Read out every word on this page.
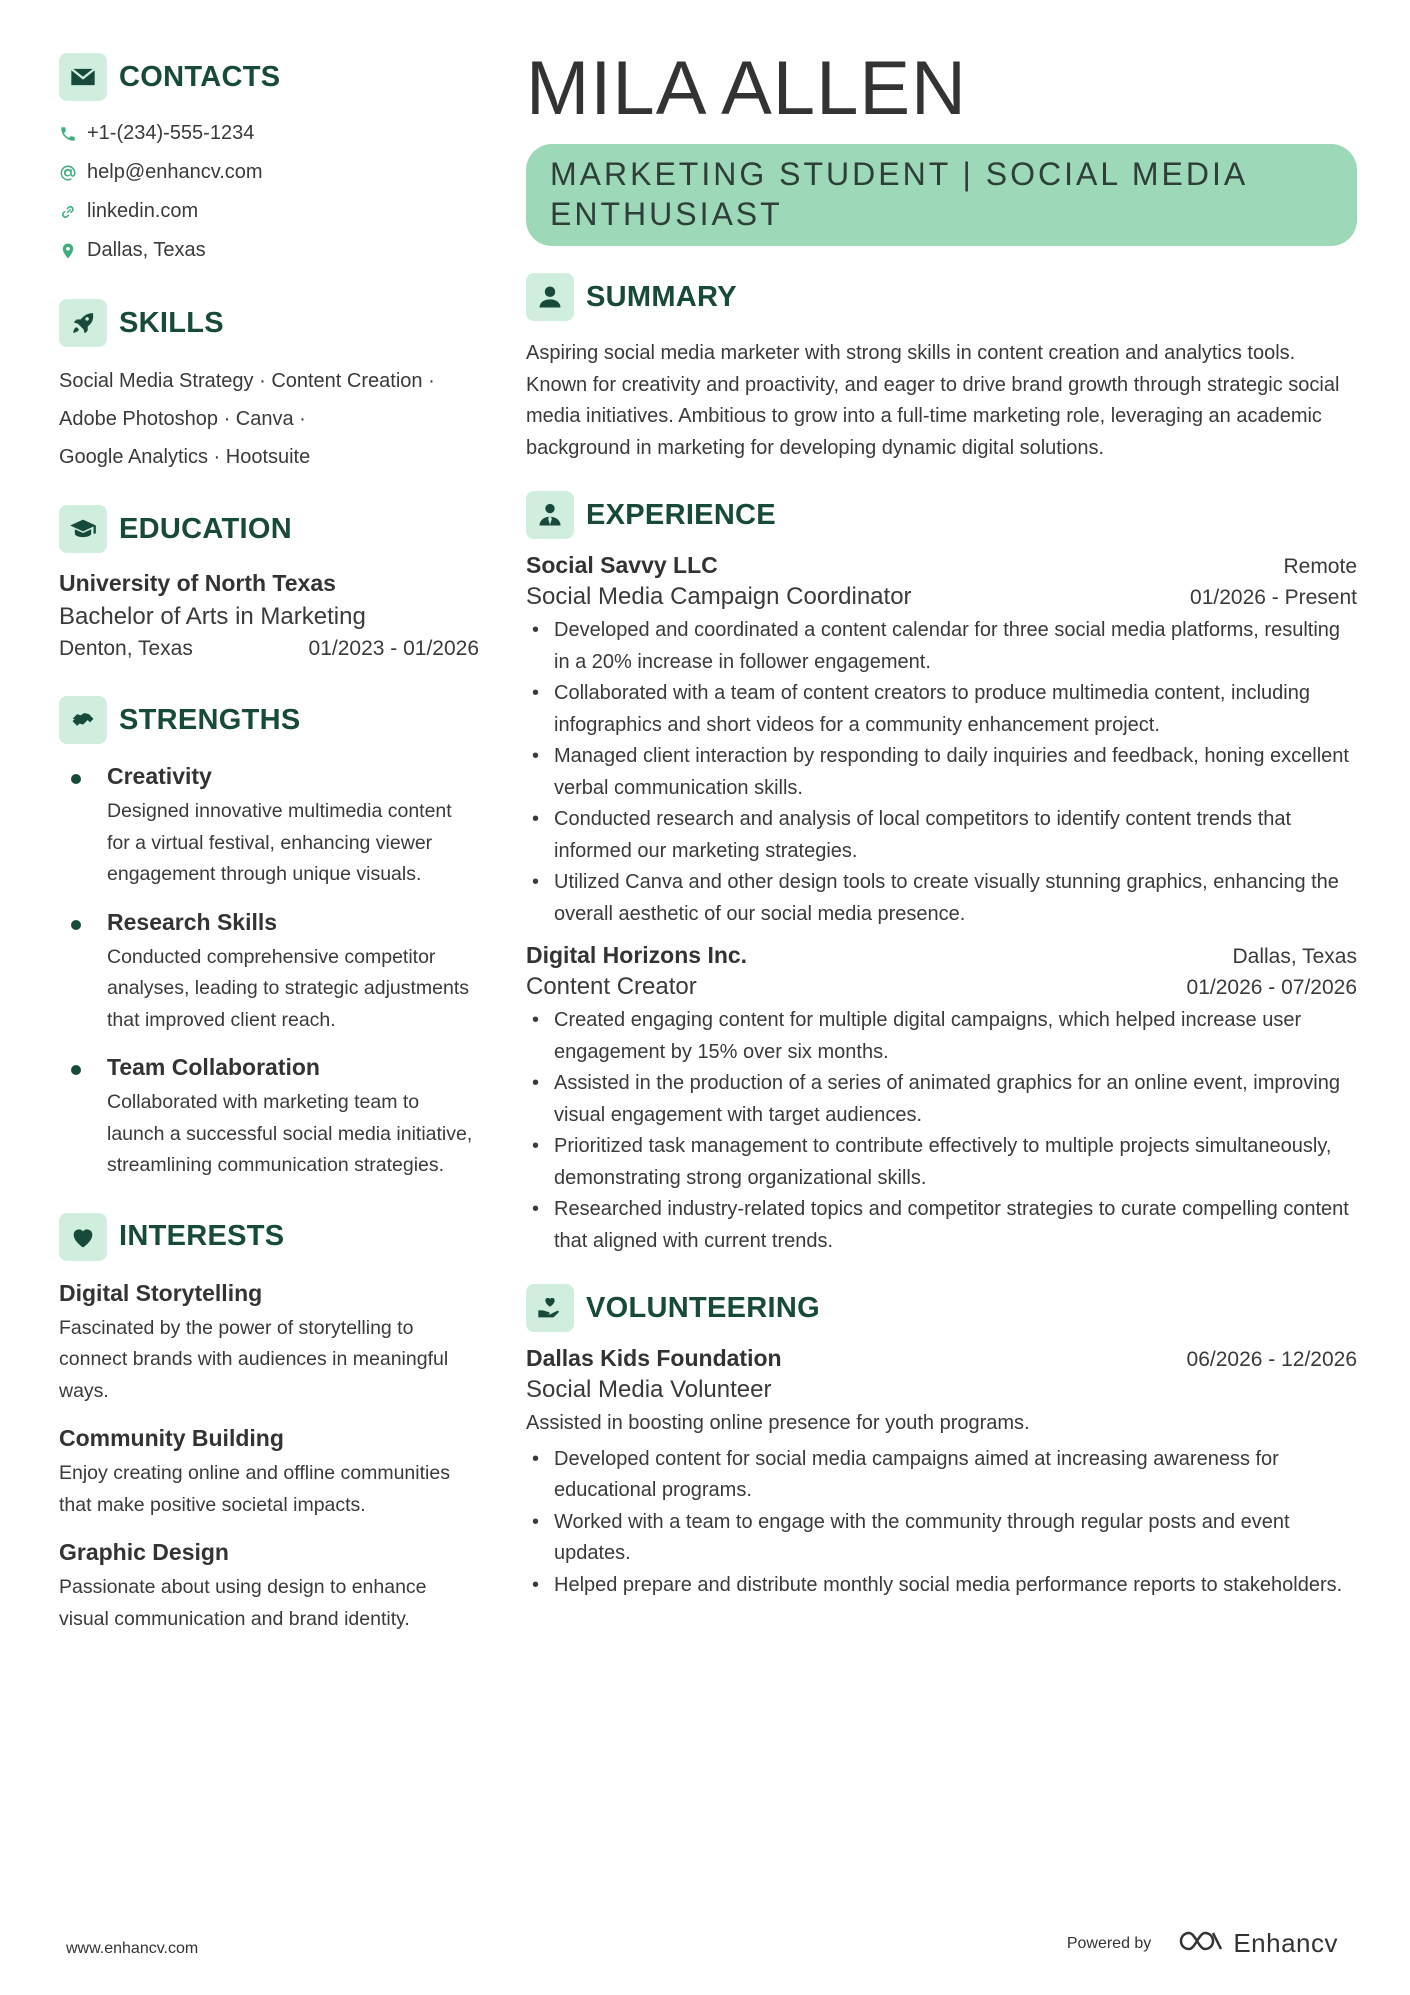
CONTACTS
+1-(234)-555-1234
help@enhancv.com
linkedin.com
Dallas, Texas
SKILLS
Social Media Strategy · Content Creation ·
Adobe Photoshop · Canva ·
Google Analytics · Hootsuite
EDUCATION
University of North Texas
Bachelor of Arts in Marketing
Denton, Texas	01/2023 - 01/2026
STRENGTHS
Creativity
Designed innovative multimedia content for a virtual festival, enhancing viewer engagement through unique visuals.
Research Skills
Conducted comprehensive competitor analyses, leading to strategic adjustments that improved client reach.
Team Collaboration
Collaborated with marketing team to launch a successful social media initiative, streamlining communication strategies.
INTERESTS
Digital Storytelling
Fascinated by the power of storytelling to connect brands with audiences in meaningful ways.
Community Building
Enjoy creating online and offline communities that make positive societal impacts.
Graphic Design
Passionate about using design to enhance visual communication and brand identity.
MILA ALLEN
MARKETING STUDENT | SOCIAL MEDIA ENTHUSIAST
SUMMARY
Aspiring social media marketer with strong skills in content creation and analytics tools. Known for creativity and proactivity, and eager to drive brand growth through strategic social media initiatives. Ambitious to grow into a full-time marketing role, leveraging an academic background in marketing for developing dynamic digital solutions.
EXPERIENCE
Social Savvy LLC	Remote
Social Media Campaign Coordinator	01/2026 - Present
• Developed and coordinated a content calendar for three social media platforms, resulting in a 20% increase in follower engagement.
• Collaborated with a team of content creators to produce multimedia content, including infographics and short videos for a community enhancement project.
• Managed client interaction by responding to daily inquiries and feedback, honing excellent verbal communication skills.
• Conducted research and analysis of local competitors to identify content trends that informed our marketing strategies.
• Utilized Canva and other design tools to create visually stunning graphics, enhancing the overall aesthetic of our social media presence.
Digital Horizons Inc.	Dallas, Texas
Content Creator	01/2026 - 07/2026
• Created engaging content for multiple digital campaigns, which helped increase user engagement by 15% over six months.
• Assisted in the production of a series of animated graphics for an online event, improving visual engagement with target audiences.
• Prioritized task management to contribute effectively to multiple projects simultaneously, demonstrating strong organizational skills.
• Researched industry-related topics and competitor strategies to curate compelling content that aligned with current trends.
VOLUNTEERING
Dallas Kids Foundation	06/2026 - 12/2026
Social Media Volunteer
Assisted in boosting online presence for youth programs.
• Developed content for social media campaigns aimed at increasing awareness for educational programs.
• Worked with a team to engage with the community through regular posts and event updates.
• Helped prepare and distribute monthly social media performance reports to stakeholders.
www.enhancv.com	Powered by	Enhancv
